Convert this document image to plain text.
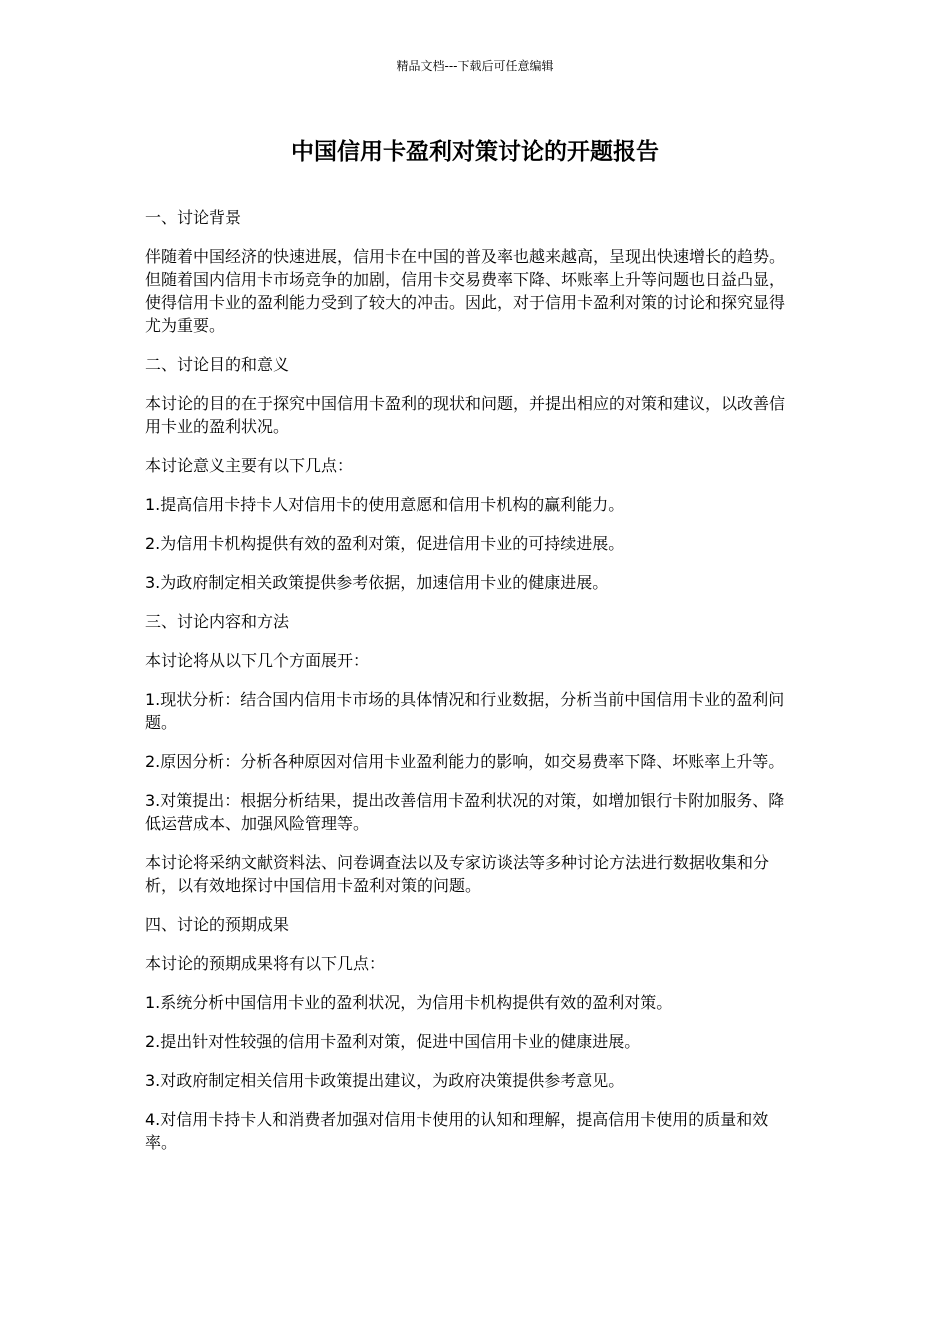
精品文档---下载后可任意编辑
中国信用卡盈利对策讨论的开题报告

一、讨论背景

伴随着中国经济的快速进展，信用卡在中国的普及率也越来越高，呈现出快速增长的趋势。但随着国内信用卡市场竞争的加剧，信用卡交易费率下降、坏账率上升等问题也日益凸显，使得信用卡业的盈利能力受到了较大的冲击。因此，对于信用卡盈利对策的讨论和探究显得尤为重要。

二、讨论目的和意义

本讨论的目的在于探究中国信用卡盈利的现状和问题，并提出相应的对策和建议，以改善信用卡业的盈利状况。

本讨论意义主要有以下几点：

1.提高信用卡持卡人对信用卡的使用意愿和信用卡机构的赢利能力。

2.为信用卡机构提供有效的盈利对策，促进信用卡业的可持续进展。

3.为政府制定相关政策提供参考依据，加速信用卡业的健康进展。

三、讨论内容和方法

本讨论将从以下几个方面展开：

1.现状分析：结合国内信用卡市场的具体情况和行业数据，分析当前中国信用卡业的盈利问题。

2.原因分析：分析各种原因对信用卡业盈利能力的影响，如交易费率下降、坏账率上升等。

3.对策提出：根据分析结果，提出改善信用卡盈利状况的对策，如增加银行卡附加服务、降低运营成本、加强风险管理等。

本讨论将采纳文献资料法、问卷调查法以及专家访谈法等多种讨论方法进行数据收集和分析，以有效地探讨中国信用卡盈利对策的问题。

四、讨论的预期成果

本讨论的预期成果将有以下几点：

1.系统分析中国信用卡业的盈利状况，为信用卡机构提供有效的盈利对策。

2.提出针对性较强的信用卡盈利对策，促进中国信用卡业的健康进展。

3.对政府制定相关信用卡政策提出建议，为政府决策提供参考意见。

4.对信用卡持卡人和消费者加强对信用卡使用的认知和理解，提高信用卡使用的质量和效率。
